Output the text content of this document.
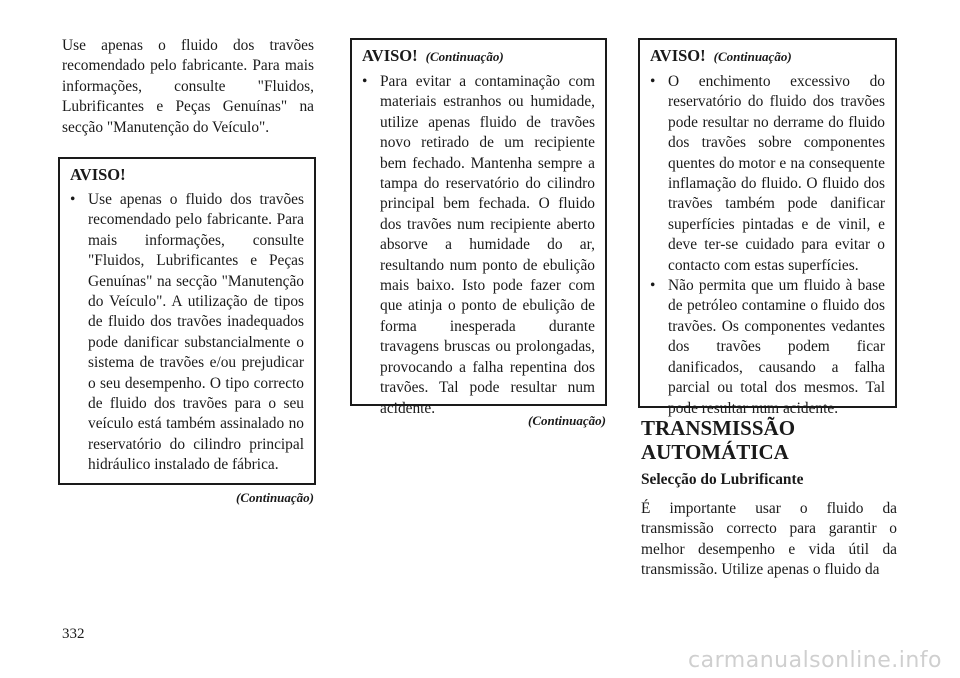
Use apenas o fluido dos travões recomendado pelo fabricante. Para mais informações, consulte "Fluidos, Lubrificantes e Peças Genuínas" na secção "Manutenção do Veículo".

AVISO!

• Use apenas o fluido dos travões recomendado pelo fabricante. Para mais informações, consulte "Fluidos, Lubrificantes e Peças Genuínas" na secção "Manutenção do Veículo". A utilização de tipos de fluido dos travões inadequados pode danificar substancialmente o sistema de travões e/ou prejudicar o seu desempenho. O tipo correcto de fluido dos travões para o seu veículo está também assinalado no reservatório do cilindro principal hidráulico instalado de fábrica.

(Continuação)

AVISO! (Continuação)

• Para evitar a contaminação com materiais estranhos ou humidade, utilize apenas fluido de travões novo retirado de um recipiente bem fechado. Mantenha sempre a tampa do reservatório do cilindro principal bem fechada. O fluido dos travões num recipiente aberto absorve a humidade do ar, resultando num ponto de ebulição mais baixo. Isto pode fazer com que atinja o ponto de ebulição de forma inesperada durante travagens bruscas ou prolongadas, provocando a falha repentina dos travões. Tal pode resultar num acidente.

(Continuação)

AVISO! (Continuação)

• O enchimento excessivo do reservatório do fluido dos travões pode resultar no derrame do fluido dos travões sobre componentes quentes do motor e na consequente inflamação do fluido. O fluido dos travões também pode danificar superfícies pintadas e de vinil, e deve ter-se cuidado para evitar o contacto com estas superfícies.

• Não permita que um fluido à base de petróleo contamine o fluido dos travões. Os componentes vedantes dos travões podem ficar danificados, causando a falha parcial ou total dos mesmos. Tal pode resultar num acidente.

TRANSMISSÃO
AUTOMÁTICA

Selecção do Lubrificante

É importante usar o fluido da transmissão correcto para garantir o melhor desempenho e vida útil da transmissão. Utilize apenas o fluido da

332
carmanualsonline.info
